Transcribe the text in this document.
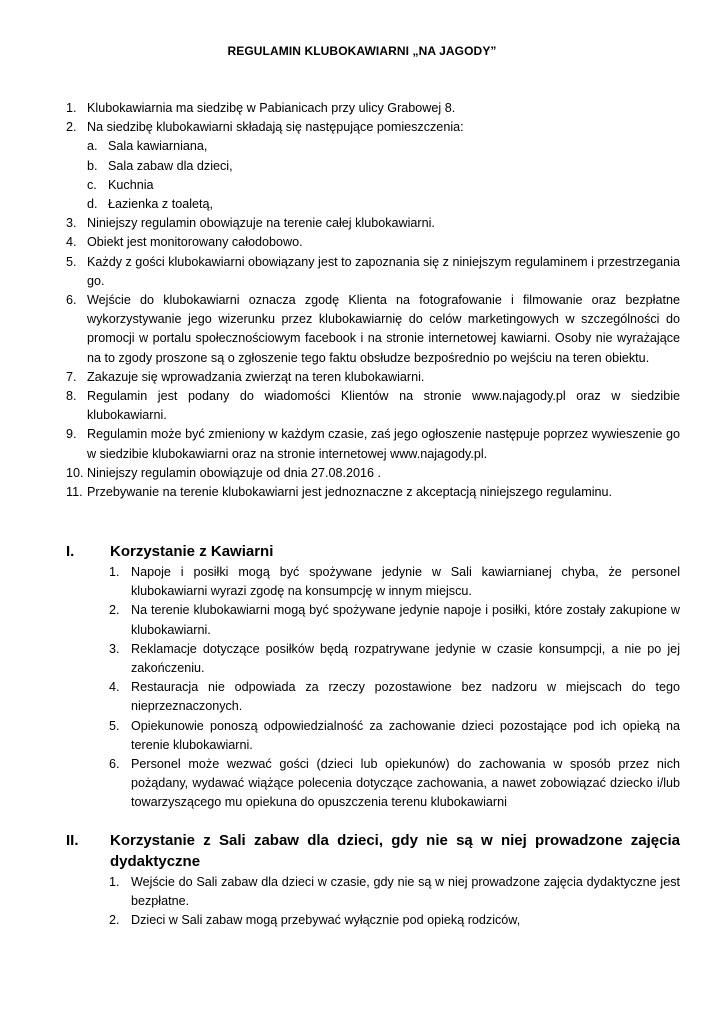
REGULAMIN KLUBOKAWIARNI „NA JAGODY”
1. Klubokawiarnia ma siedzibę w Pabianicach przy ulicy Grabowej 8.
2. Na siedzibę klubokawiarni składają się następujące pomieszczenia:
a. Sala kawiarniana,
b. Sala zabaw dla dzieci,
c. Kuchnia
d. Łazienka z toaletą,
3. Niniejszy regulamin obowiązuje na terenie całej klubokawiarni.
4. Obiekt jest monitorowany całodobowo.
5. Każdy z gości klubokawiarni obowiązany jest to zapoznania się z niniejszym regulaminem i przestrzegania go.
6. Wejście do klubokawiarni oznacza zgodę Klienta na fotografowanie i filmowanie oraz bezpłatne wykorzystywanie jego wizerunku przez klubokawiarnię do celów marketingowych w szczególności do promocji w portalu społecznościowym facebook i na stronie internetowej kawiarni. Osoby nie wyrażające na to zgody proszone są o zgłoszenie tego faktu obsłudze bezpośrednio po wejściu na teren obiektu.
7. Zakazuje się wprowadzania zwierząt na teren klubokawiarni.
8. Regulamin jest podany do wiadomości Klientów na stronie www.najagody.pl oraz w siedzibie klubokawiarni.
9. Regulamin może być zmieniony w każdym czasie, zaś jego ogłoszenie następuje poprzez wywieszenie go w siedzibie klubokawiarni oraz na stronie internetowej www.najagody.pl.
10. Niniejszy regulamin obowiązuje od dnia 27.08.2016 .
11. Przebywanie na terenie klubokawiarni jest jednoznaczne z akceptacją niniejszego regulaminu.
I. Korzystanie z Kawiarni
1. Napoje i posiłki mogą być spożywane jedynie w Sali kawiarnianej chyba, że personel klubokawiarni wyrazi zgodę na konsumpcję w innym miejscu.
2. Na terenie klubokawiarni mogą być spożywane jedynie napoje i posiłki, które zostały zakupione w klubokawiarni.
3. Reklamacje dotyczące posiłków będą rozpatrywane jedynie w czasie konsumpcji, a nie po jej zakończeniu.
4. Restauracja nie odpowiada za rzeczy pozostawione bez nadzoru w miejscach do tego nieprzeznaczonych.
5. Opiekunowie ponoszą odpowiedzialność za zachowanie dzieci pozostające pod ich opieką na terenie klubokawiarni.
6. Personel może wezwać gości (dzieci lub opiekunów) do zachowania w sposób przez nich pożądany, wydawać wiążące polecenia dotyczące zachowania, a nawet zobowiązać dziecko i/lub towarzyszącego mu opiekuna do opuszczenia terenu klubokawiarni
II. Korzystanie z Sali zabaw dla dzieci, gdy nie są w niej prowadzone zajęcia dydaktyczne
1. Wejście do Sali zabaw dla dzieci w czasie, gdy nie są w niej prowadzone zajęcia dydaktyczne jest bezpłatne.
2. Dzieci w Sali zabaw mogą przebywać wyłącznie pod opieką rodziców,
